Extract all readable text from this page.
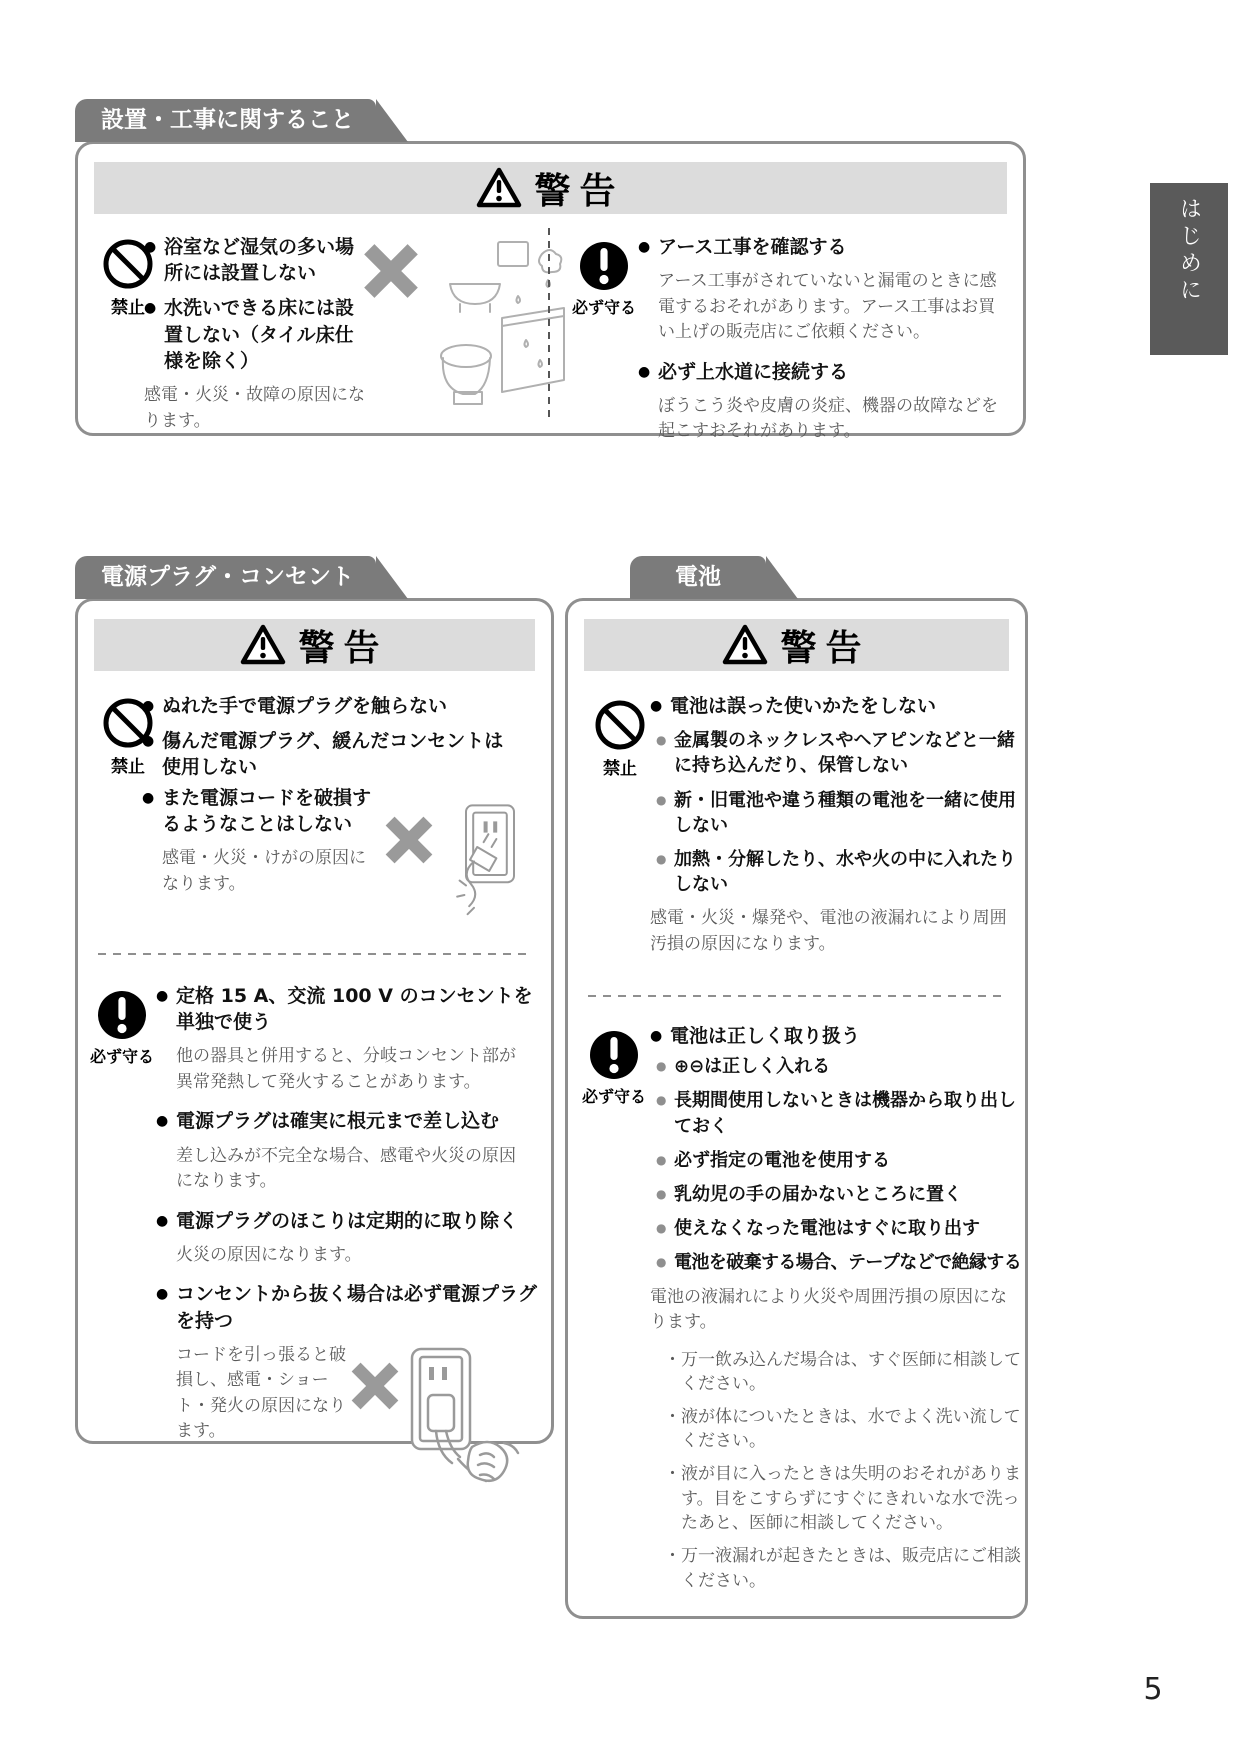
設置・工事に関すること
警告
禁止
● 浴室など湿気の多い場所には設置しない
● 水洗いできる床には設置しない（タイル床仕様を除く）
感電・火災・故障の原因になります。
必ず守る
● アース工事を確認する
アース工事がされていないと漏電のときに感電するおそれがあります。アース工事はお買い上げの販売店にご依頼ください。
● 必ず上水道に接続する
ぼうこう炎や皮膚の炎症、機器の故障などを起こすおそれがあります。
電源プラグ・コンセント
警告
禁止
● ぬれた手で電源プラグを触らない
● 傷んだ電源プラグ、緩んだコンセントは使用しない
● また電源コードを破損するようなことはしない
感電・火災・けがの原因になります。
必ず守る
● 定格 15 A、交流 100 V のコンセントを単独で使う
他の器具と併用すると、分岐コンセント部が異常発熱して発火することがあります。
● 電源プラグは確実に根元まで差し込む
差し込みが不完全な場合、感電や火災の原因になります。
● 電源プラグのほこりは定期的に取り除く
火災の原因になります。
● コンセントから抜く場合は必ず電源プラグを持つ
コードを引っ張ると破損し、感電・ショート・発火の原因になります。
電池
警告
禁止
● 電池は誤った使いかたをしない
● 金属製のネックレスやヘアピンなどと一緒に持ち込んだり、保管しない
● 新・旧電池や違う種類の電池を一緒に使用しない
● 加熱・分解したり、水や火の中に入れたりしない
感電・火災・爆発や、電池の液漏れにより周囲汚損の原因になります。
必ず守る
● 電池は正しく取り扱う
● ⊕⊖は正しく入れる
● 長期間使用しないときは機器から取り出しておく
● 必ず指定の電池を使用する
● 乳幼児の手の届かないところに置く
● 使えなくなった電池はすぐに取り出す
● 電池を破棄する場合、テープなどで絶縁する
電池の液漏れにより火災や周囲汚損の原因になります。
・ 万一飲み込んだ場合は、すぐ医師に相談してください。
・ 液が体についたときは、水でよく洗い流してください。
・ 液が目に入ったときは失明のおそれがあります。目をこすらずにすぐにきれいな水で洗ったあと、医師に相談してください。
・ 万一液漏れが起きたときは、販売店にご相談ください。
はじめに
5
